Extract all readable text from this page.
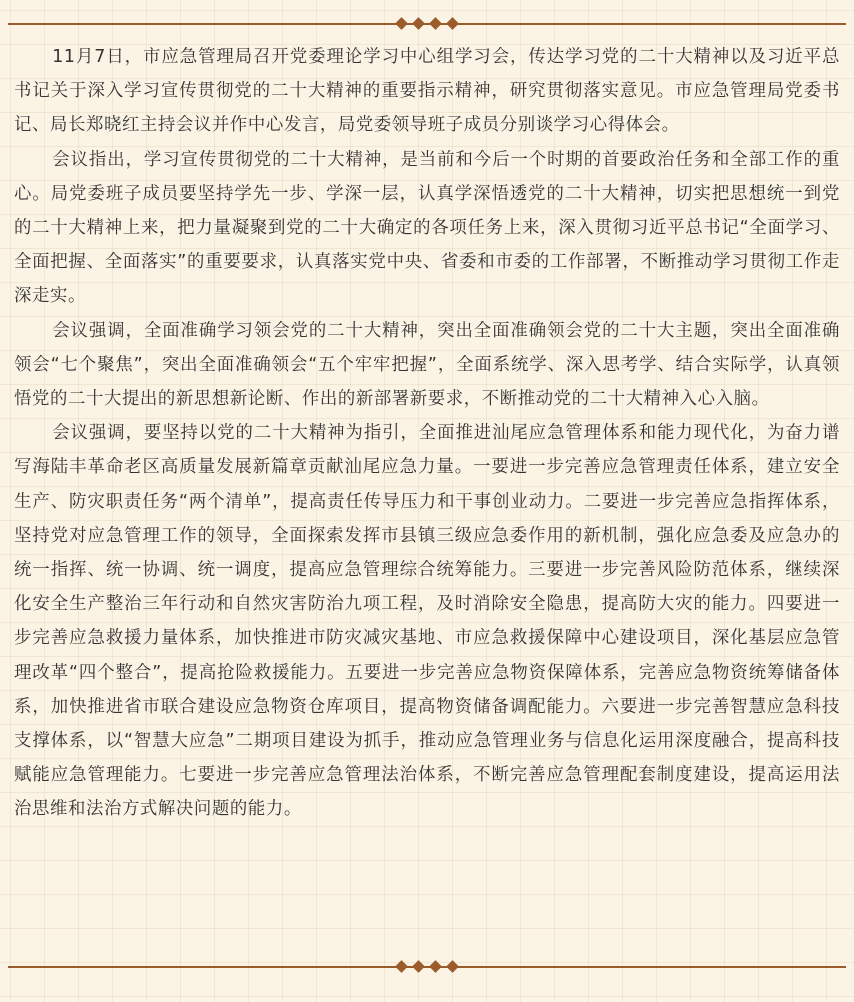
11月7日，市应急管理局召开党委理论学习中心组学习会，传达学习党的二十大精神以及习近平总书记关于深入学习宣传贯彻党的二十大精神的重要指示精神，研究贯彻落实意见。市应急管理局党委书记、局长郑晓红主持会议并作中心发言，局党委领导班子成员分别谈学习心得体会。

会议指出，学习宣传贯彻党的二十大精神，是当前和今后一个时期的首要政治任务和全部工作的重心。局党委班子成员要坚持学先一步、学深一层，认真学深悟透党的二十大精神，切实把思想统一到党的二十大精神上来，把力量凝聚到党的二十大确定的各项任务上来，深入贯彻习近平总书记“全面学习、全面把握、全面落实”的重要要求，认真落实党中央、省委和市委的工作部署，不断推动学习贯彻工作走深走实。

会议强调，全面准确学习领会党的二十大精神，突出全面准确领会党的二十大主题，突出全面准确领会“七个聚焦”，突出全面准确领会“五个牢牢把握”，全面系统学、深入思考学、结合实际学，认真领悟党的二十大提出的新思想新论断、作出的新部署新要求，不断推动党的二十大精神入心入脑。

会议强调，要坚持以党的二十大精神为指引，全面推进汕尾应急管理体系和能力现代化，为奋力谱写海陆丰革命老区高质量发展新篇章贡献汕尾应急力量。一要进一步完善应急管理责任体系，建立安全生产、防灾职责任务“两个清单”，提高责任传导压力和干事创业动力。二要进一步完善应急指挥体系，坚持党对应急管理工作的领导，全面探索发挥市县镇三级应急委作用的新机制，强化应急委及应急办的统一指挥、统一协调、统一调度，提高应急管理综合统筹能力。三要进一步完善风险防范体系，继续深化安全生产整治三年行动和自然灾害防治九项工程，及时消除安全隐患，提高防大灾的能力。四要进一步完善应急救援力量体系，加快推进市防灾减灾基地、市应急救援保障中心建设项目，深化基层应急管理改革“四个整合”，提高抢险救援能力。五要进一步完善应急物资保障体系，完善应急物资统筹储备体系，加快推进省市联合建设应急物资仓库项目，提高物资储备调配能力。六要进一步完善智慧应急科技支撑体系，以“智慧大应急”二期项目建设为抓手，推动应急管理业务与信息化运用深度融合，提高科技赋能应急管理能力。七要进一步完善应急管理法治体系，不断完善应急管理配套制度建设，提高运用法治思维和法治方式解决问题的能力。
